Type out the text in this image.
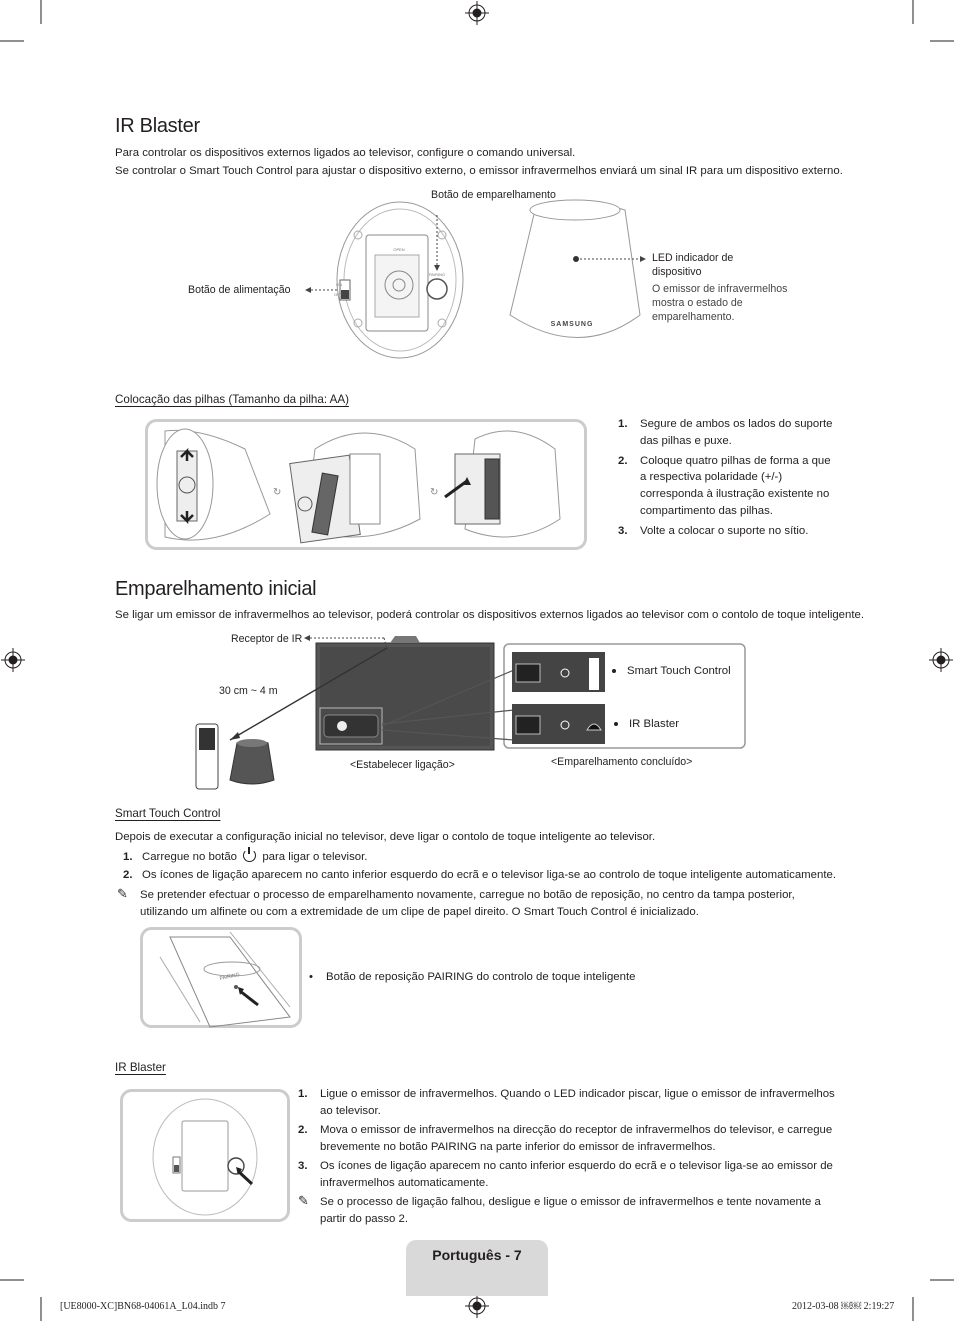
IR Blaster
Para controlar os dispositivos externos ligados ao televisor, configure o comando universal.
Se controlar o Smart Touch Control para ajustar o dispositivo externo, o emissor infravermelhos enviará um sinal IR para um dispositivo externo.
OPEN
ON
OFF
PAIRING
SAMSUNG
Botão de emparelhamento
Botão de alimentação
LED indicador de
dispositivo
O emissor de infravermelhos
mostra o estado de
emparelhamento.
Colocação das pilhas (Tamanho da pilha: AA)
↻	↻
1. Segure de ambos os lados do suporte das pilhas e puxe.
2. Coloque quatro pilhas de forma a que a respectiva polaridade (+/-) corresponda à ilustração existente no compartimento das pilhas.
3. Volte a colocar o suporte no sítio.
Emparelhamento inicial
Se ligar um emissor de infravermelhos ao televisor, poderá controlar os dispositivos externos ligados ao televisor com o contolo de toque inteligente.
Receptor de IR
30 cm ~ 4 m
<Estabelecer ligação>	<Emparelhamento concluído>
Smart Touch Control
IR Blaster
Smart Touch Control
Depois de executar a configuração inicial no televisor, deve ligar o contolo de toque inteligente ao televisor.
1. Carregue no botão para ligar o televisor.
2. Os ícones de ligação aparecem no canto inferior esquerdo do ecrã e o televisor liga-se ao controlo de toque inteligente automaticamente.
✎ Se pretender efectuar o processo de emparelhamento novamente, carregue no botão de reposição, no centro da tampa posterior, utilizando um alfinete ou com a extremidade de um clipe de papel direito. O Smart Touch Control é inicializado.
PAIRING	• Botão de reposição PAIRING do controlo de toque inteligente
IR Blaster
1. Ligue o emissor de infravermelhos. Quando o LED indicador piscar, ligue o emissor de infravermelhos ao televisor.
2. Mova o emissor de infravermelhos na direcção do receptor de infravermelhos do televisor, e carregue brevemente no botão PAIRING na parte inferior do emissor de infravermelhos.
3. Os ícones de ligação aparecem no canto inferior esquerdo do ecrã e o televisor liga-se ao emissor de infravermelhos automaticamente.
✎ Se o processo de ligação falhou, desligue e ligue o emissor de infravermelhos e tente novamente a partir do passo 2.
Português - 7
[UE8000-XC]BN68-04061A_L04.indb 7	2012-03-08 ￼￼ 2:19:27
